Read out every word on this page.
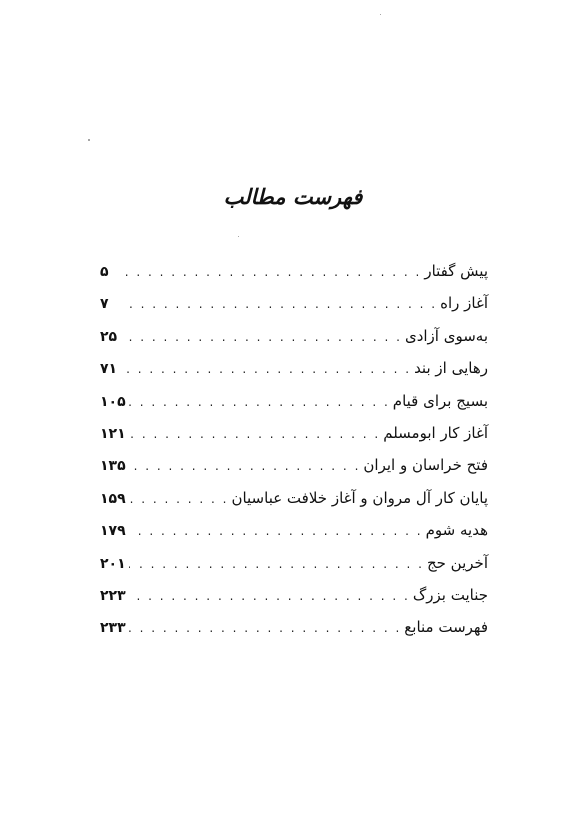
فهرست مطالب
پیش گفتار
. . .
۵
آغاز راه
. . .
۷
به‌سوی آزادی
. . .
۲۵
رهایی از بند
. . .
۷۱
بسیج برای قیام
. . .
۱۰۵
آغاز کار ابومسلم
. . .
۱۲۱
فتح خراسان و ایران
. . .
۱۳۵
پایان کار آل مروان و آغاز خلافت عباسیان
. . .
۱۵۹
هدیه شوم
. . .
۱۷۹
آخرین حج
. . .
۲۰۱
جنایت بزرگ
. . .
۲۲۳
فهرست منابع
. . .
۲۳۳
